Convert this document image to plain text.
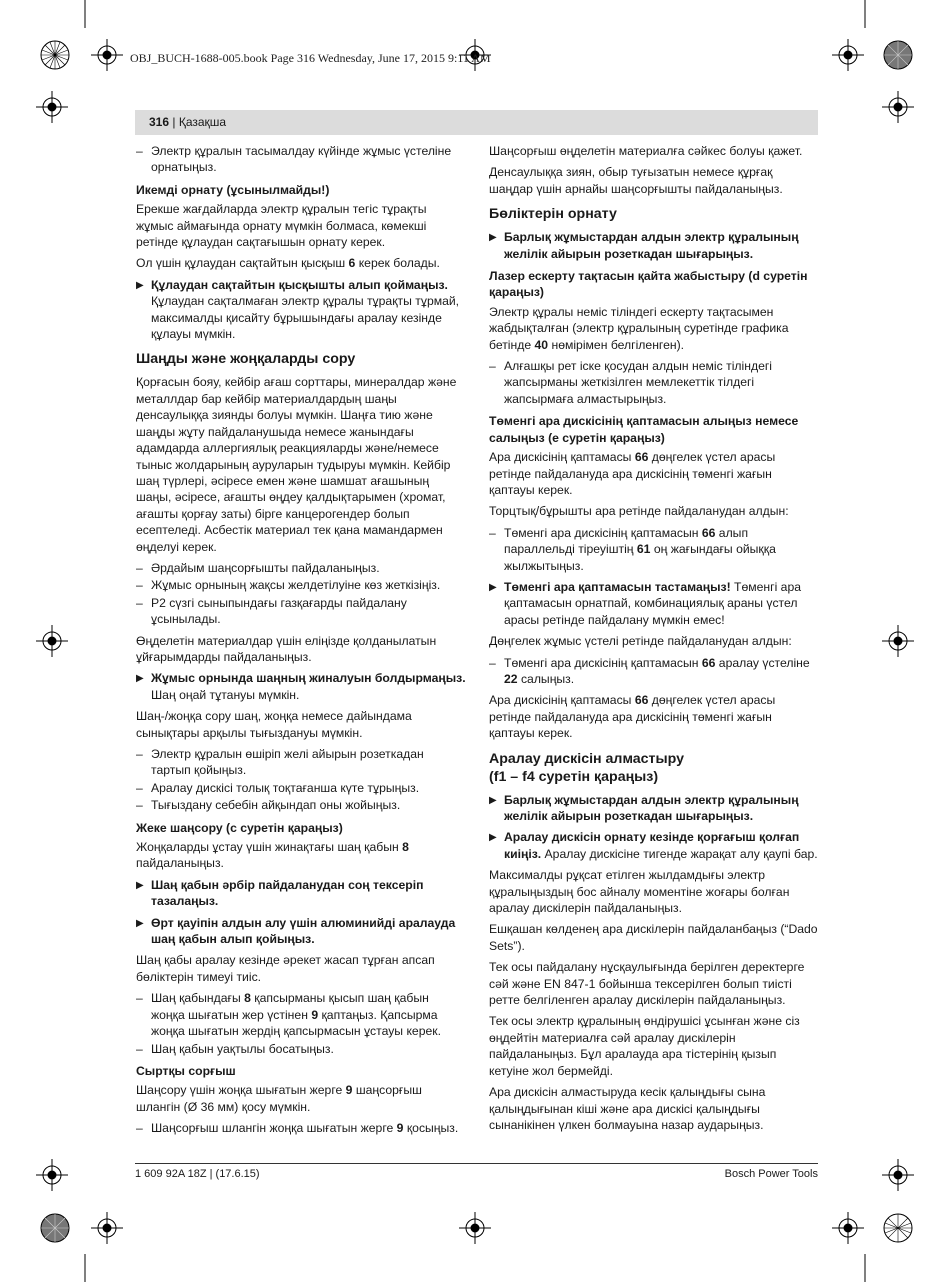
OBJ_BUCH-1688-005.book Page 316 Wednesday, June 17, 2015 9:11 AM
316 | Қазақша
– Электр құралын тасымалдау күйінде жұмыс үстеліне орнатыңыз.
Икемді орнату (ұсынылмайды!)

Ерекше жағдайларда электр құралын тегіс тұрақты жұмыс аймағында орнату мүмкін болмаса, көмекші ретінде құлаудан сақтағышын орнату керек.

Ол үшін құлаудан сақтайтын қысқыш 6 керек болады.

▶ Құлаудан сақтайтын қысқышты алып қоймаңыз. Құлаудан сақталмаған электр құралы тұрақты тұрмай, максималды қисайту бұрышындағы аралау кезінде құлауы мүмкін.
Шаңды және жоңқаларды сору

Қорғасын бояу, кейбір ағаш сорттары, минералдар және металлдар бар кейбір материалдардың шаңы денсаулыққа зиянды болуы мүмкін. Шаңға тию және шаңды жұту пайдаланушыда немесе жанындағы адамдарда аллергиялық реакцияларды және/немесе тыныс жолдарының ауруларын тудыруы мүмкін. Кейбір шаң түрлері, әсіресе емен және шамшат ағашының шаңы, әсіресе, ағашты өңдеу қалдықтарымен (хромат, ағашты қорғау заты) бірге канцерогендер болып есептеледі. Асбестік материал тек қана мамандармен өңделуі керек.

– Әрдайым шаңсорғышты пайдаланыңыз.
– Жұмыс орнының жақсы желдетілуіне көз жеткізіңіз.
– P2 сүзгі сыныпындағы газқағарды пайдалану ұсынылады.

Өңделетін материалдар үшін еліңізде қолданылатын ұйғарымдарды пайдаланыңыз.

▶ Жұмыс орнында шаңның жиналуын болдырмаңыз. Шаң оңай тұтануы мүмкін.

Шаң-/жоңқа сору шаң, жоңқа немесе дайындама сынықтары арқылы тығыздануы мүмкін.

– Электр құралын өшіріп желі айырын розеткадан тартып қойыңыз.
– Аралау дискісі толық тоқтағанша күте тұрыңыз.
– Тығыздану себебін айқындап оны жойыңыз.
Жеке шаңсору (с суретін қараңыз)

Жоңқаларды ұстау үшін жинақтағы шаң қабын 8 пайдаланыңыз.

▶ Шаң қабын әрбір пайдаланудан соң тексеріп тазалаңыз.
▶ Өрт қауіпін алдын алу үшін алюминийді аралауда шаң қабын алып қойыңыз.

Шаң қабы аралау кезінде әрекет жасап тұрған апсап бөліктерін тимеуі тиіс.

– Шаң қабындағы 8 қапсырманы қысып шаң қабын жоңқа шығатын жер үстінен 9 қаптаңыз. Қапсырма жоңқа шығатын жердің қапсырмасын ұстауы керек.
– Шаң қабын уақтылы босатыңыз.
Сыртқы сорғыш

Шаңсору үшін жоңқа шығатын жерге 9 шаңсорғыш шлангін (Ø 36 мм) қосу мүмкін.

– Шаңсорғыш шлангін жоңқа шығатын жерге 9 қосыңыз.

Шаңсорғыш өңделетін материалға сәйкес болуы қажет.

Денсаулыққа зиян, обыр туғызатын немесе құрғақ шаңдар үшін арнайы шаңсорғышты пайдаланыңыз.

Бөліктерін орнату
▶ Барлық жұмыстардан алдын электр құралының желілік айырын розеткадан шығарыңыз.
Лазер ескерту тақтасын қайта жабыстыру (d суретін қараңыз)

Электр құралы неміс тіліндегі ескерту тақтасымен жабдықталған (электр құралының суретінде графика бетінде 40 нөмірімен белгіленген).

– Алғашқы рет іске қосудан алдын неміс тіліндегі жапсырманы жеткізілген мемлекеттік тілдегі жапсырмаға алмастырыңыз.
Төменгі ара дискісінің қаптамасын алыңыз немесе салыңыз (е суретін қараңыз)

Ара дискісінің қаптамасы 66 дөңгелек үстел арасы ретінде пайдалануда ара дискісінің төменгі жағын қаптауы керек.

Торцтық/бұрышты ара ретінде пайдаланудан алдын:

– Төменгі ара дискісінің қаптамасын 66 алып параллельді тіреуіштің 61 оң жағындағы ойыққа жылжытыңыз.
▶ Төменгі ара қаптамасын тастамаңыз! Төменгі ара қаптамасын орнатпай, комбинациялық араны үстел арасы ретінде пайдалану мүмкін емес!

Дөңгелек жұмыс үстелі ретінде пайдаланудан алдын:

– Төменгі ара дискісінің қаптамасын 66 аралау үстеліне 22 салыңыз.

Ара дискісінің қаптамасы 66 дөңгелек үстел арасы ретінде пайдалануда ара дискісінің төменгі жағын қаптауы керек.

Аралау дискісін алмастыру
(f1 – f4 суретін қараңыз)
▶ Барлық жұмыстардан алдын электр құралының желілік айырын розеткадан шығарыңыз.
▶ Аралау дискісін орнату кезінде қорғағыш қолғап киіңіз. Аралау дискісіне тигенде жарақат алу қаупі бар.

Максималды рұқсат етілген жылдамдығы электр құралыңыздың бос айналу моментіне жоғары болған аралау дискілерін пайдаланыңыз.

Ешқашан көлденең ара дискілерін пайдаланбаңыз (“Dado Sets”).

Тек осы пайдалану нұсқаулығында берілген деректерге сәй және EN 847-1 бойынша тексерілген болып тиісті ретте белгіленген аралау дискілерін пайдаланыңыз.

Тек осы электр құралының өндірушісі ұсынған және сіз өңдейтін материалға сәй аралау дискілерін пайдаланыңыз. Бұл аралауда ара тістерінің қызып кетуіне жол бермейді.

Ара дискісін алмастыруда кесік қалыңдығы сына қалыңдығынан кіші және ара дискісі қалыңдығы сынанікінен үлкен болмауына назар аударыңыз.

1 609 92A 18Z | (17.6.15)	Bosch Power Tools
